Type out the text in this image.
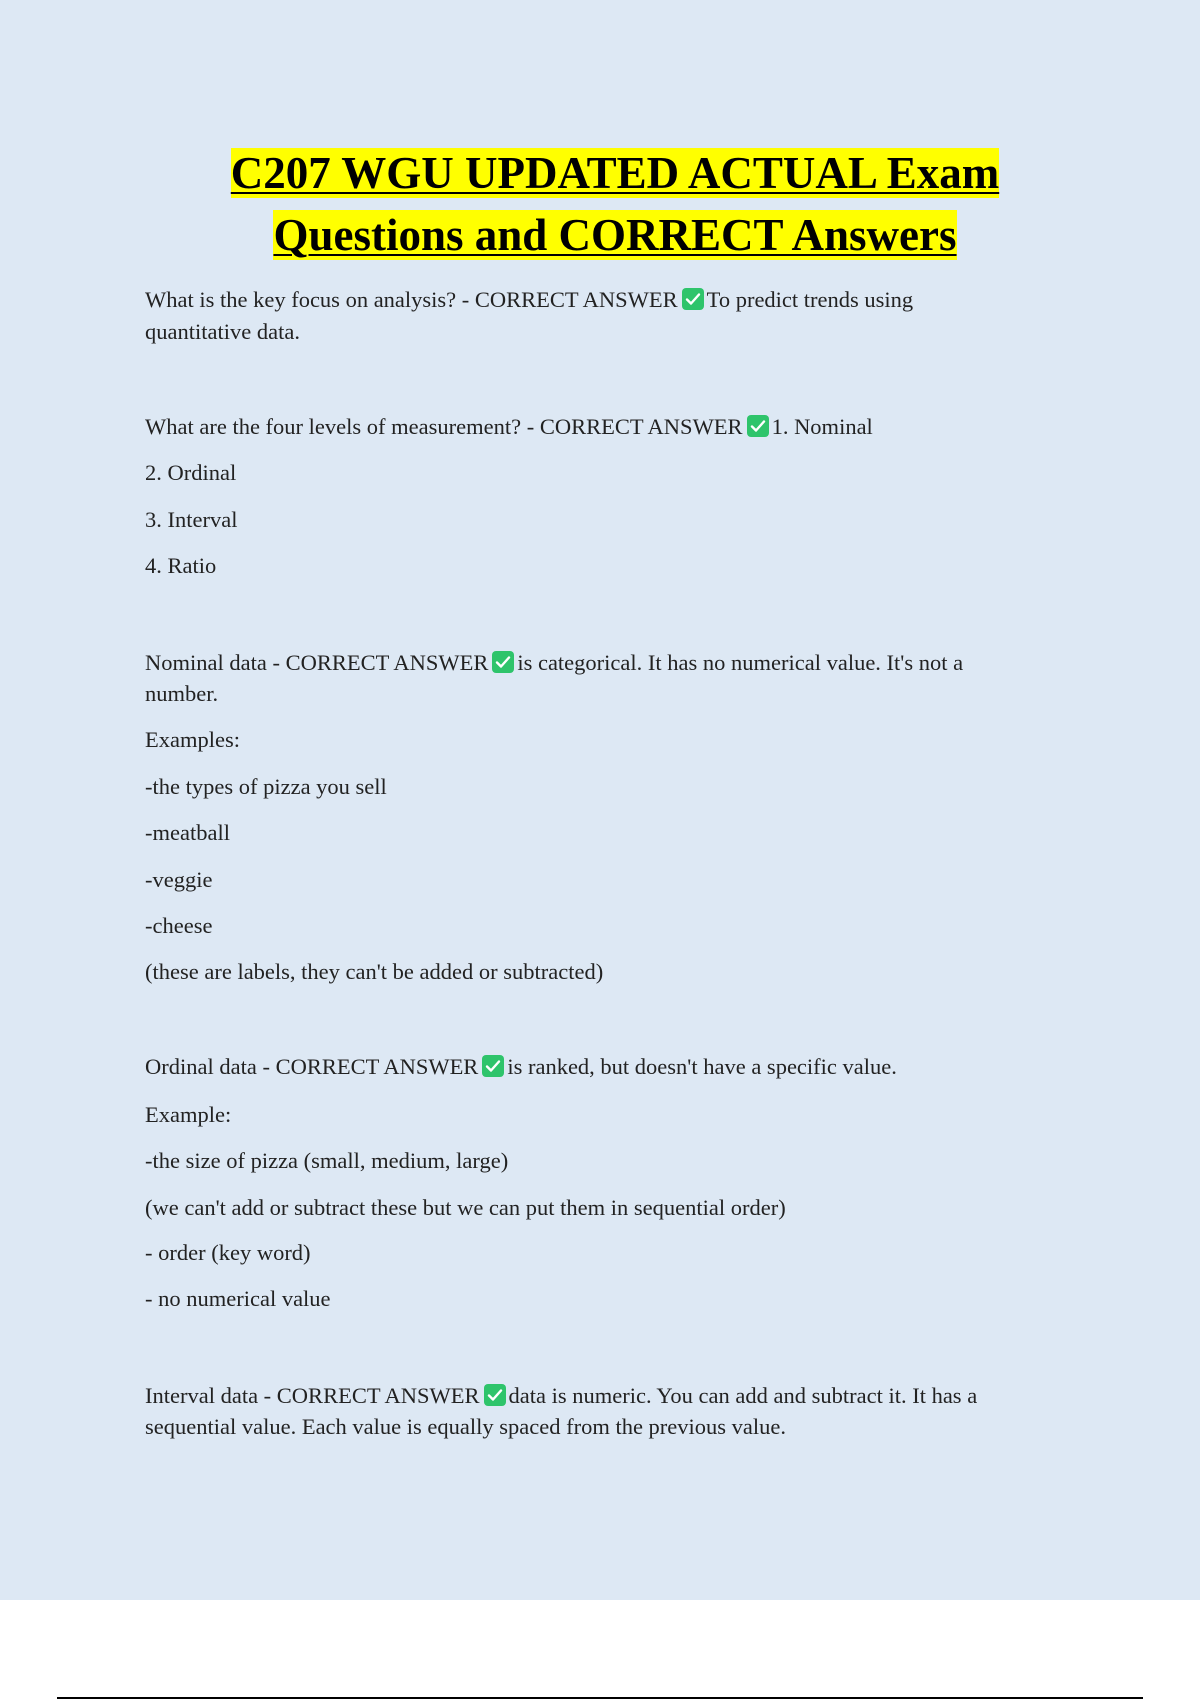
C207 WGU UPDATED ACTUAL Exam
Questions and CORRECT Answers
What is the key focus on analysis? - CORRECT ANSWER To predict trends using
quantitative data.
What are the four levels of measurement? - CORRECT ANSWER 1. Nominal
2. Ordinal
3. Interval
4. Ratio
Nominal data - CORRECT ANSWER is categorical. It has no numerical value. It's not a
number.
Examples:
-the types of pizza you sell
-meatball
-veggie
-cheese
(these are labels, they can't be added or subtracted)
Ordinal data - CORRECT ANSWER is ranked, but doesn't have a specific value.
Example:
-the size of pizza (small, medium, large)
(we can't add or subtract these but we can put them in sequential order)
- order (key word)
- no numerical value
Interval data - CORRECT ANSWER data is numeric. You can add and subtract it. It has a
sequential value. Each value is equally spaced from the previous value.
